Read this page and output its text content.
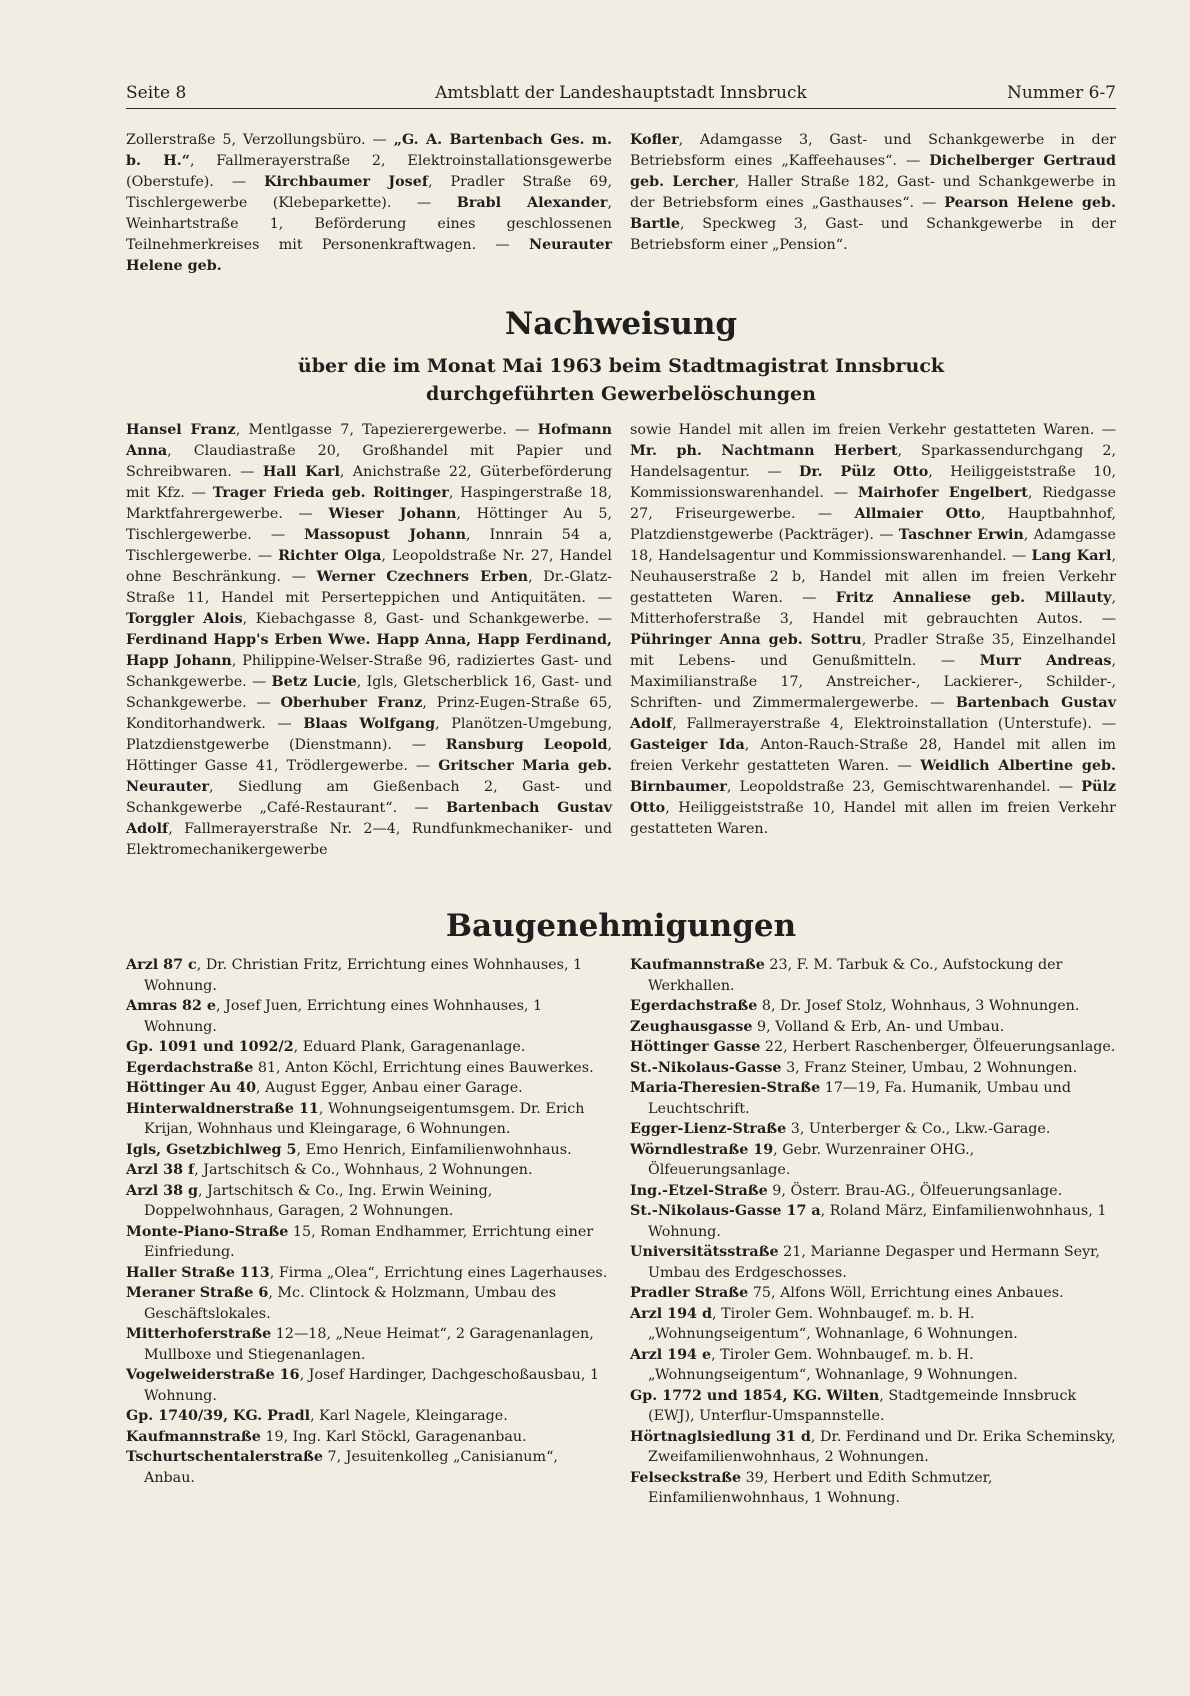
Amtsblatt der Landeshauptstadt Innsbruck
Seite 8	Nummer 6-7

Zollerstraße 5, Verzollungsbüro. — „G. A. Bartenbach Ges. m. b. H.“, Fallmerayerstraße 2, Elektroinstallationsgewerbe (Oberstufe). — Kirchbaumer Josef, Pradler Straße 69, Tischlergewerbe (Klebeparkette). — Brabl Alexander, Weinhartstraße 1, Beförderung eines geschlossenen Teilnehmerkreises mit Personenkraftwagen. — Neurauter Helene geb.

Kofler, Adamgasse 3, Gast- und Schankgewerbe in der Betriebsform eines „Kaffeehauses“. — Dichelberger Gertraud geb. Lercher, Haller Straße 182, Gast- und Schankgewerbe in der Betriebsform eines „Gasthauses“. — Pearson Helene geb. Bartle, Speckweg 3, Gast- und Schankgewerbe in der Betriebsform einer „Pension“.

Nachweisung
über die im Monat Mai 1963 beim Stadtmagistrat Innsbruck
durchgeführten Gewerbelöschungen

Hansel Franz, Mentlgasse 7, Tapezierergewerbe. — Hofmann Anna, Claudiastraße 20, Großhandel mit Papier und Schreibwaren. — Hall Karl, Anichstraße 22, Güterbeförderung mit Kfz. — Trager Frieda geb. Roitinger, Haspingerstraße 18, Marktfahrergewerbe. — Wieser Johann, Höttinger Au 5, Tischlergewerbe. — Massopust Johann, Innrain 54 a, Tischlergewerbe. — Richter Olga, Leopoldstraße Nr. 27, Handel ohne Beschränkung. — Werner Czechners Erben, Dr.-Glatz-Straße 11, Handel mit Perserteppichen und Antiquitäten. — Torggler Alois, Kiebachgasse 8, Gast- und Schankgewerbe. — Ferdinand Happ's Erben Wwe. Happ Anna, Happ Ferdinand, Happ Johann, Philippine-Welser-Straße 96, radiziertes Gast- und Schankgewerbe. — Betz Lucie, Igls, Gletscherblick 16, Gast- und Schankgewerbe. — Oberhuber Franz, Prinz-Eugen-Straße 65, Konditorhandwerk. — Blaas Wolfgang, Planötzen-Umgebung, Platzdienstgewerbe (Dienstmann). — Ransburg Leopold, Höttinger Gasse 41, Trödlergewerbe. — Gritscher Maria geb. Neurauter, Siedlung am Gießenbach 2, Gast- und Schankgewerbe „Café-Restaurant“. — Bartenbach Gustav Adolf, Fallmerayerstraße Nr. 2—4, Rundfunkmechaniker- und Elektromechanikergewerbe

sowie Handel mit allen im freien Verkehr gestatteten Waren. — Mr. ph. Nachtmann Herbert, Sparkassendurchgang 2, Handelsagentur. — Dr. Pülz Otto, Heiliggeiststraße 10, Kommissionswarenhandel. — Mairhofer Engelbert, Riedgasse 27, Friseurgewerbe. — Allmaier Otto, Hauptbahnhof, Platzdienstgewerbe (Packträger). — Taschner Erwin, Adamgasse 18, Handelsagentur und Kommissionswarenhandel. — Lang Karl, Neuhauserstraße 2 b, Handel mit allen im freien Verkehr gestatteten Waren. — Fritz Annaliese geb. Millauty, Mitterhoferstraße 3, Handel mit gebrauchten Autos. — Pühringer Anna geb. Sottru, Pradler Straße 35, Einzelhandel mit Lebens- und Genußmitteln. — Murr Andreas, Maximilianstraße 17, Anstreicher-, Lackierer-, Schilder-, Schriften- und Zimmermalergewerbe. — Bartenbach Gustav Adolf, Fallmerayerstraße 4, Elektroinstallation (Unterstufe). — Gasteiger Ida, Anton-Rauch-Straße 28, Handel mit allen im freien Verkehr gestatteten Waren. — Weidlich Albertine geb. Birnbaumer, Leopoldstraße 23, Gemischtwarenhandel. — Pülz Otto, Heiliggeiststraße 10, Handel mit allen im freien Verkehr gestatteten Waren.

Baugenehmigungen

Arzl 87 c, Dr. Christian Fritz, Errichtung eines Wohnhauses, 1 Wohnung.

Amras 82 e, Josef Juen, Errichtung eines Wohnhauses, 1 Wohnung.

Gp. 1091 und 1092/2, Eduard Plank, Garagenanlage.

Egerdachstraße 81, Anton Köchl, Errichtung eines Bauwerkes.

Höttinger Au 40, August Egger, Anbau einer Garage.

Hinterwaldnerstraße 11, Wohnungseigentumsgem. Dr. Erich Krijan, Wohnhaus und Kleingarage, 6 Wohnungen.

Igls, Gsetzbichlweg 5, Emo Henrich, Einfamilienwohnhaus.

Arzl 38 f, Jartschitsch & Co., Wohnhaus, 2 Wohnungen.

Arzl 38 g, Jartschitsch & Co., Ing. Erwin Weining, Doppelwohnhaus, Garagen, 2 Wohnungen.

Monte-Piano-Straße 15, Roman Endhammer, Errichtung einer Einfriedung.

Haller Straße 113, Firma „Olea“, Errichtung eines Lagerhauses.

Meraner Straße 6, Mc. Clintock & Holzmann, Umbau des Geschäftslokales.

Mitterhoferstraße 12—18, „Neue Heimat“, 2 Garagenanlagen, Mullboxe und Stiegenanlagen.

Vogelweiderstraße 16, Josef Hardinger, Dachgeschoßausbau, 1 Wohnung.

Gp. 1740/39, KG. Pradl, Karl Nagele, Kleingarage.

Kaufmannstraße 19, Ing. Karl Stöckl, Garagenanbau.

Tschurtschentalerstraße 7, Jesuitenkolleg „Canisianum“, Anbau.

Kaufmannstraße 23, F. M. Tarbuk & Co., Aufstockung der Werkhallen.

Egerdachstraße 8, Dr. Josef Stolz, Wohnhaus, 3 Wohnungen.

Zeughausgasse 9, Volland & Erb, An- und Umbau.

Höttinger Gasse 22, Herbert Raschenberger, Ölfeuerungsanlage.

St.-Nikolaus-Gasse 3, Franz Steiner, Umbau, 2 Wohnungen.

Maria-Theresien-Straße 17—19, Fa. Humanik, Umbau und Leuchtschrift.

Egger-Lienz-Straße 3, Unterberger & Co., Lkw.-Garage.

Wörndlestraße 19, Gebr. Wurzenrainer OHG., Ölfeuerungsanlage.

Ing.-Etzel-Straße 9, Österr. Brau-AG., Ölfeuerungsanlage.

St.-Nikolaus-Gasse 17 a, Roland März, Einfamilienwohnhaus, 1 Wohnung.

Universitätsstraße 21, Marianne Degasper und Hermann Seyr, Umbau des Erdgeschosses.

Pradler Straße 75, Alfons Wöll, Errichtung eines Anbaues.

Arzl 194 d, Tiroler Gem. Wohnbaugef. m. b. H. „Wohnungseigentum“, Wohnanlage, 6 Wohnungen.

Arzl 194 e, Tiroler Gem. Wohnbaugef. m. b. H. „Wohnungseigentum“, Wohnanlage, 9 Wohnungen.

Gp. 1772 und 1854, KG. Wilten, Stadtgemeinde Innsbruck (EWJ), Unterflur-Umspannstelle.

Hörtnaglsiedlung 31 d, Dr. Ferdinand und Dr. Erika Scheminsky, Zweifamilienwohnhaus, 2 Wohnungen.

Felseckstraße 39, Herbert und Edith Schmutzer, Einfamilienwohnhaus, 1 Wohnung.
